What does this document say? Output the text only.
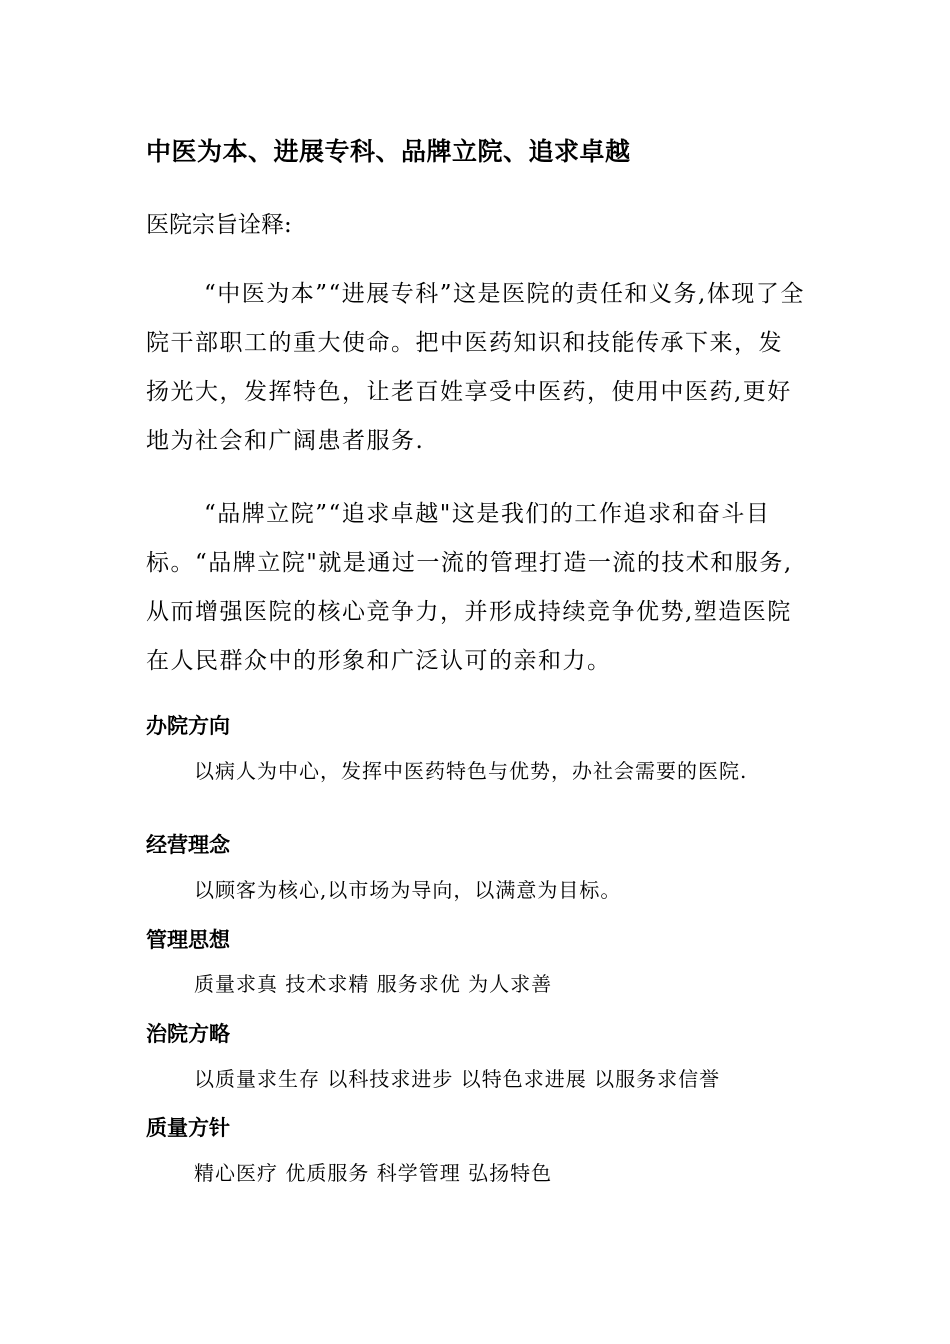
中医为本、进展专科、品牌立院、追求卓越
医院宗旨诠释:

“中医为本”“进展专科”这是医院的责任和义务,体现了全院干部职工的重大使命。把中医药知识和技能传承下来，发扬光大，发挥特色，让老百姓享受中医药，使用中医药,更好地为社会和广阔患者服务.

“品牌立院”“追求卓越"这是我们的工作追求和奋斗目标。“品牌立院"就是通过一流的管理打造一流的技术和服务,从而增强医院的核心竞争力，并形成持续竞争优势,塑造医院在人民群众中的形象和广泛认可的亲和力。

办院方向

以病人为中心，发挥中医药特色与优势，办社会需要的医院.

经营理念

以顾客为核心,以市场为导向，以满意为目标。

管理思想

质量求真 技术求精 服务求优 为人求善

治院方略

以质量求生存 以科技求进步 以特色求进展 以服务求信誉

质量方针

精心医疗 优质服务 科学管理 弘扬特色
